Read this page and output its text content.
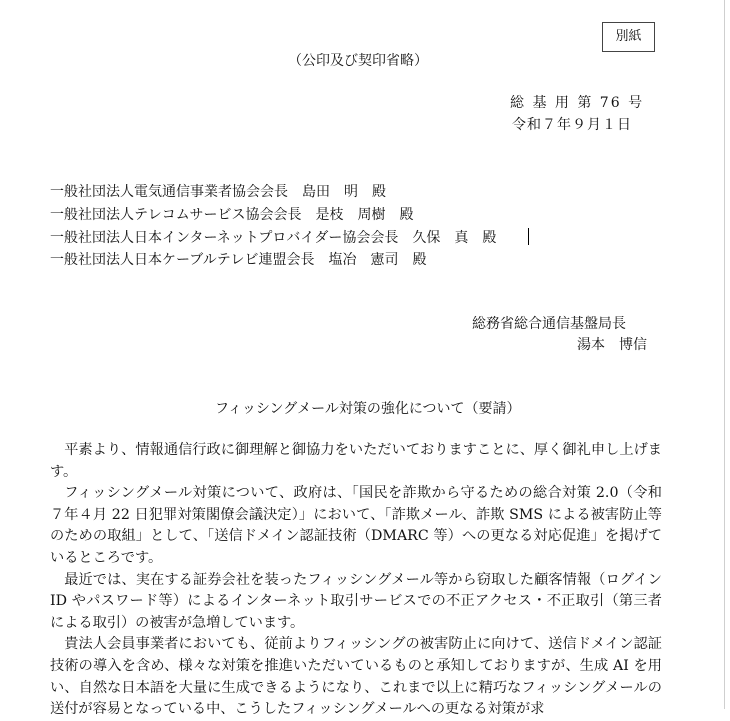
別紙
（公印及び契印省略）
総 基 用 第 76 号
令和７年９月１日
一般社団法人電気通信事業者協会会長　島田　明　殿
一般社団法人テレコムサービス協会会長　是枝　周樹　殿
一般社団法人日本インターネットプロバイダー協会会長　久保　真　殿
一般社団法人日本ケーブルテレビ連盟会長　塩冶　憲司　殿
総務省総合通信基盤局長
湯本　博信
フィッシングメール対策の強化について（要請）

平素より、情報通信行政に御理解と御協力をいただいておりますことに、厚く御礼申し上げます。

フィッシングメール対策について、政府は、「国民を詐欺から守るための総合対策 2.0（令和７年４月 22 日犯罪対策閣僚会議決定）」において、「詐欺メール、詐欺 SMS による被害防止等のための取組」として、「送信ドメイン認証技術（DMARC 等）への更なる対応促進」を掲げているところです。

最近では、実在する証券会社を装ったフィッシングメール等から窃取した顧客情報（ログイン ID やパスワード等）によるインターネット取引サービスでの不正アクセス・不正取引（第三者による取引）の被害が急増しています。

貴法人会員事業者においても、従前よりフィッシングの被害防止に向けて、送信ドメイン認証技術の導入を含め、様々な対策を推進いただいているものと承知しておりますが、生成 AI を用い、自然な日本語を大量に生成できるようになり、これまで以上に精巧なフィッシングメールの送付が容易となっている中、こうしたフィッシングメールへの更なる対策が求
